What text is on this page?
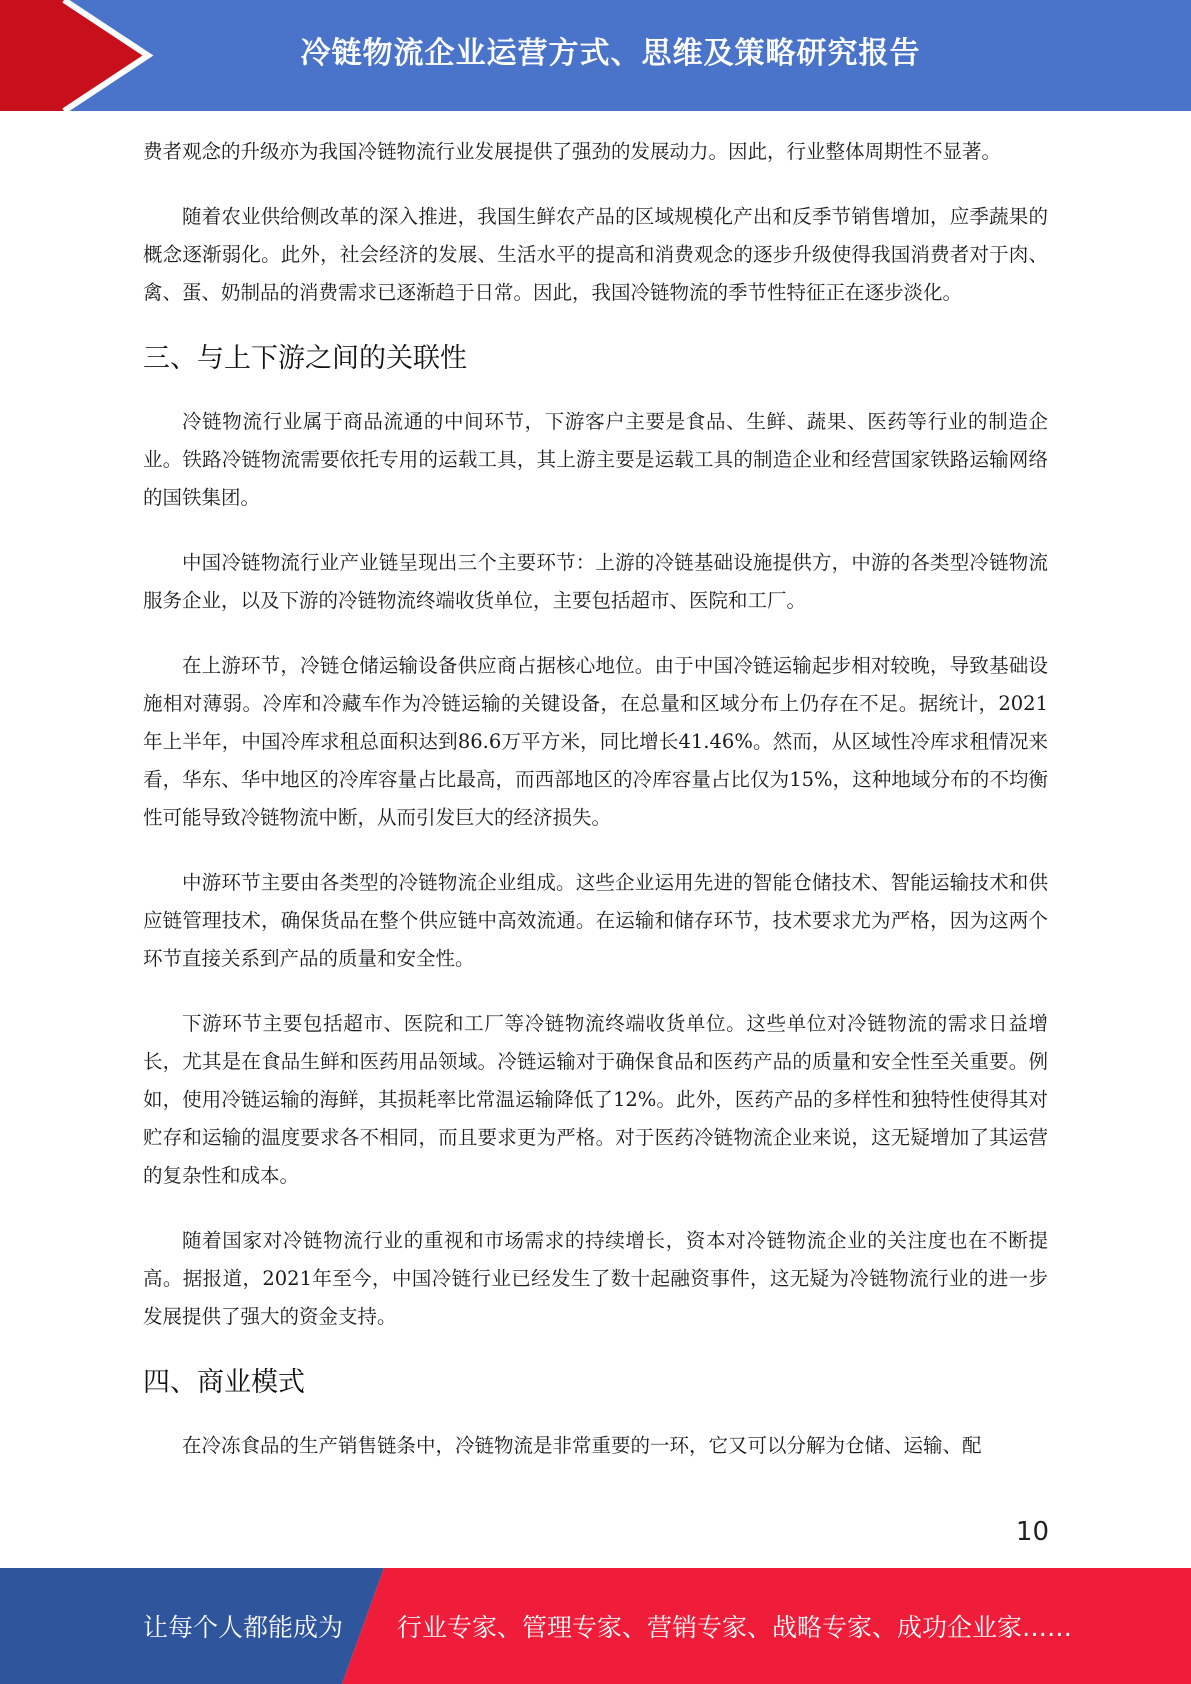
冷链物流企业运营方式、思维及策略研究报告

费者观念的升级亦为我国冷链物流行业发展提供了强劲的发展动力。因此，行业整体周期性不显著。

随着农业供给侧改革的深入推进，我国生鲜农产品的区域规模化产出和反季节销售增加，应季蔬果的概念逐渐弱化。此外，社会经济的发展、生活水平的提高和消费观念的逐步升级使得我国消费者对于肉、禽、蛋、奶制品的消费需求已逐渐趋于日常。因此，我国冷链物流的季节性特征正在逐步淡化。

三、与上下游之间的关联性

冷链物流行业属于商品流通的中间环节，下游客户主要是食品、生鲜、蔬果、医药等行业的制造企业。铁路冷链物流需要依托专用的运载工具，其上游主要是运载工具的制造企业和经营国家铁路运输网络的国铁集团。

中国冷链物流行业产业链呈现出三个主要环节：上游的冷链基础设施提供方，中游的各类型冷链物流服务企业，以及下游的冷链物流终端收货单位，主要包括超市、医院和工厂。

在上游环节，冷链仓储运输设备供应商占据核心地位。由于中国冷链运输起步相对较晚，导致基础设施相对薄弱。冷库和冷藏车作为冷链运输的关键设备，在总量和区域分布上仍存在不足。据统计，2021年上半年，中国冷库求租总面积达到86.6万平方米，同比增长41.46%。然而，从区域性冷库求租情况来看，华东、华中地区的冷库容量占比最高，而西部地区的冷库容量占比仅为15%，这种地域分布的不均衡性可能导致冷链物流中断，从而引发巨大的经济损失。

中游环节主要由各类型的冷链物流企业组成。这些企业运用先进的智能仓储技术、智能运输技术和供应链管理技术，确保货品在整个供应链中高效流通。在运输和储存环节，技术要求尤为严格，因为这两个环节直接关系到产品的质量和安全性。

下游环节主要包括超市、医院和工厂等冷链物流终端收货单位。这些单位对冷链物流的需求日益增长，尤其是在食品生鲜和医药用品领域。冷链运输对于确保食品和医药产品的质量和安全性至关重要。例如，使用冷链运输的海鲜，其损耗率比常温运输降低了12%。此外，医药产品的多样性和独特性使得其对贮存和运输的温度要求各不相同，而且要求更为严格。对于医药冷链物流企业来说，这无疑增加了其运营的复杂性和成本。

随着国家对冷链物流行业的重视和市场需求的持续增长，资本对冷链物流企业的关注度也在不断提高。据报道，2021年至今，中国冷链行业已经发生了数十起融资事件，这无疑为冷链物流行业的进一步发展提供了强大的资金支持。

四、商业模式

在冷冻食品的生产销售链条中，冷链物流是非常重要的一环，它又可以分解为仓储、运输、配

10
让每个人都能成为 行业专家、管理专家、营销专家、战略专家、成功企业家……
